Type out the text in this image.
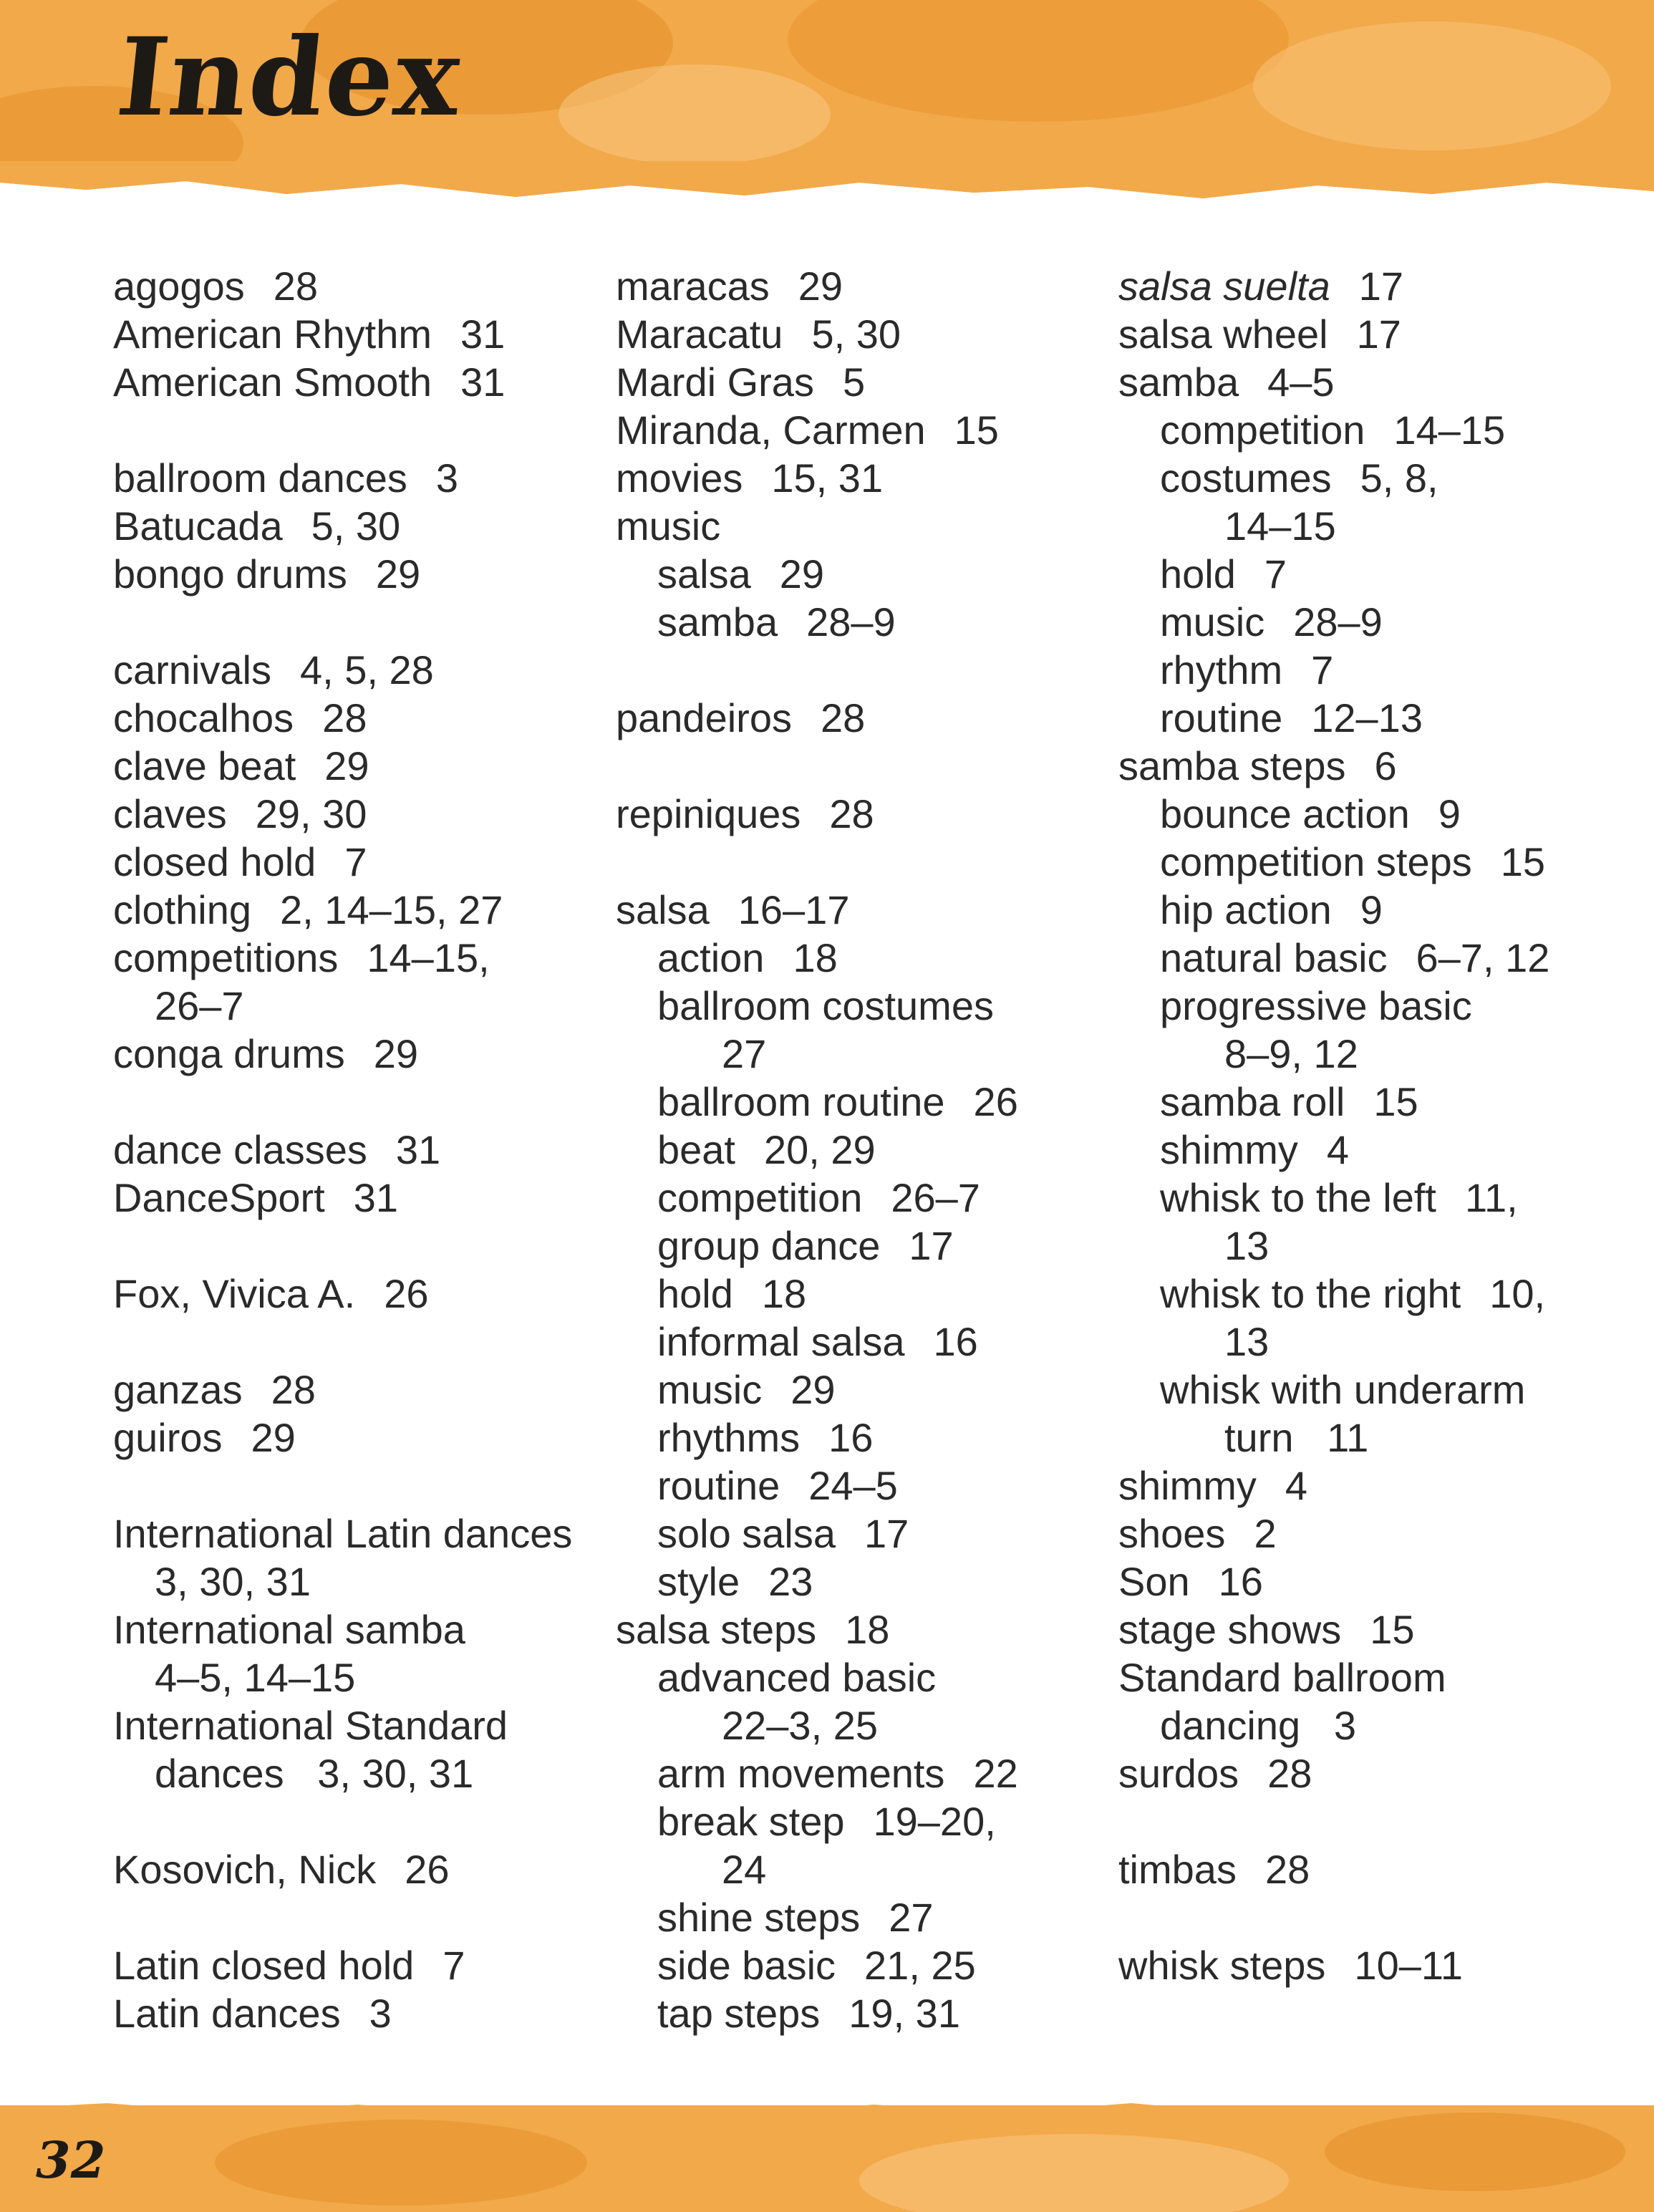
Index
agogos 28
American Rhythm 31
American Smooth 31
ballroom dances 3
Batucada 5, 30
bongo drums 29
carnivals 4, 5, 28
chocalhos 28
clave beat 29
claves 29, 30
closed hold 7
clothing 2, 14–15, 27
competitions 14–15,
26–7
conga drums 29
dance classes 31
DanceSport 31
Fox, Vivica A. 26
ganzas 28
guiros 29
International Latin dances
3, 30, 31
International samba
4–5, 14–15
International Standard
dances   3, 30, 31
Kosovich, Nick 26
Latin closed hold 7
Latin dances 3
maracas 29
Maracatu 5, 30
Mardi Gras 5
Miranda, Carmen 15
movies 15, 31
music
salsa 29
samba 28–9
pandeiros 28
repiniques 28
salsa 16–17
action 18
ballroom costumes
27
ballroom routine 26
beat 20, 29
competition 26–7
group dance 17
hold 18
informal salsa 16
music 29
rhythms 16
routine 24–5
solo salsa 17
style 23
salsa steps 18
advanced basic
22–3, 25
arm movements 22
break step 19–20,
24
shine steps 27
side basic 21, 25
tap steps 19, 31
salsa suelta 17
salsa wheel 17
samba 4–5
competition 14–15
costumes 5, 8,
14–15
hold 7
music 28–9
rhythm 7
routine 12–13
samba steps 6
bounce action 9
competition steps 15
hip action 9
natural basic 6–7, 12
progressive basic
8–9, 12
samba roll 15
shimmy 4
whisk to the left 11,
13
whisk to the right 10,
13
whisk with underarm
turn   11
shimmy 4
shoes 2
Son 16
stage shows 15
Standard ballroom
dancing   3
surdos 28
timbas 28
whisk steps 10–11
32
